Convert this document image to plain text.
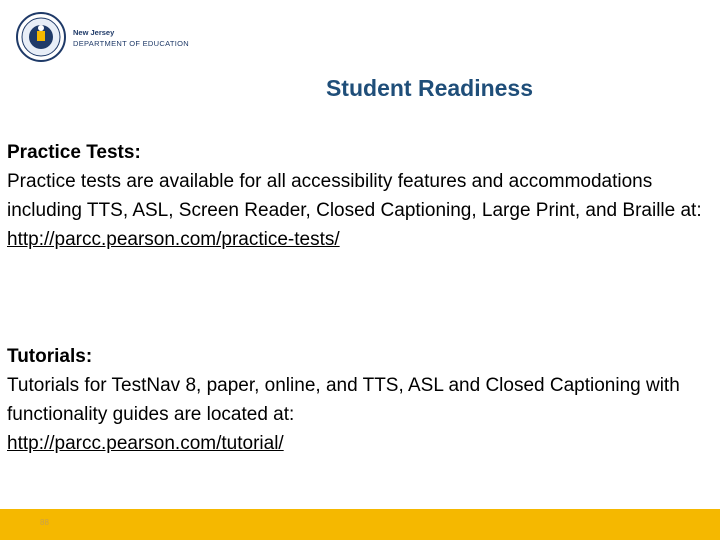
New Jersey
DEPARTMENT OF EDUCATION
Student Readiness

Practice Tests:

Practice tests are available for all accessibility features and accommodations including TTS, ASL, Screen Reader, Closed Captioning, Large Print, and Braille at:

http://parcc.pearson.com/practice-tests/

Tutorials:

Tutorials for TestNav 8, paper, online, and TTS, ASL and Closed Captioning with functionality guides are located at:

http://parcc.pearson.com/tutorial/

88
